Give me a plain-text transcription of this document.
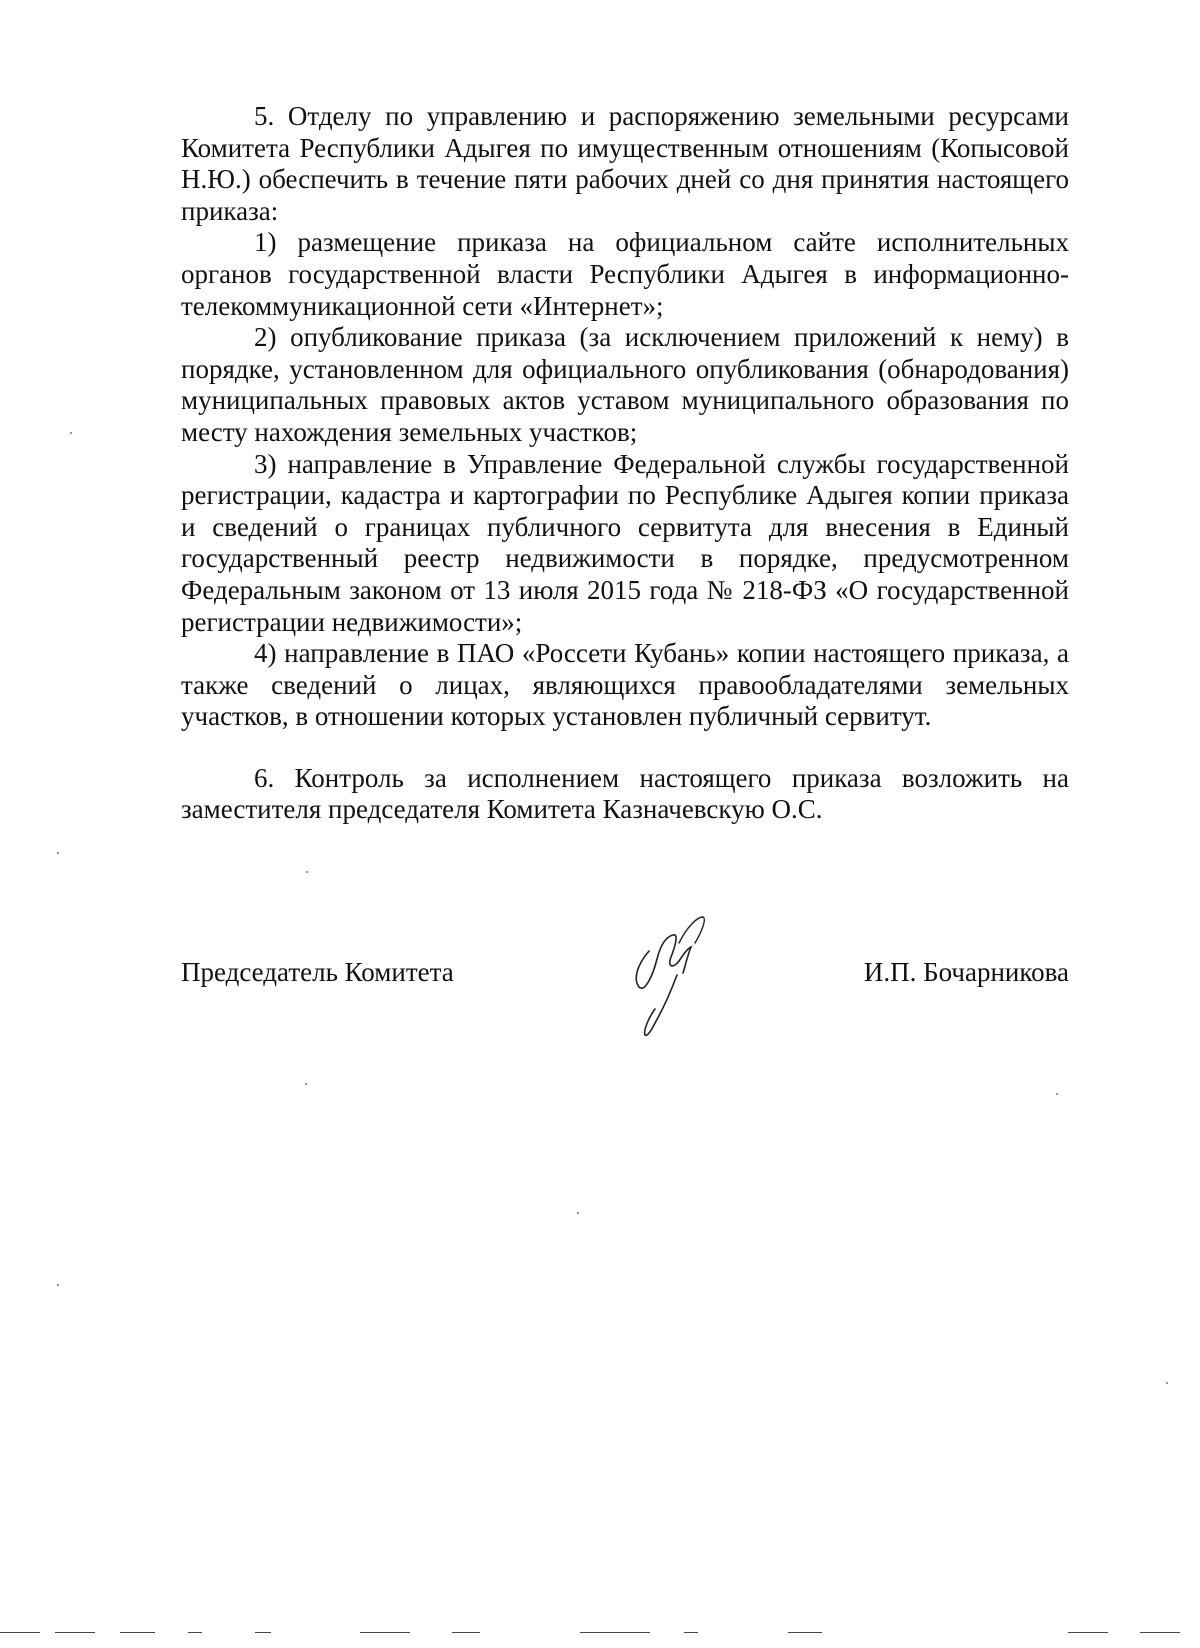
5. Отделу по управлению и распоряжению земельными ресурсами Комитета Республики Адыгея по имущественным отношениям (Копысовой Н.Ю.) обеспечить в течение пяти рабочих дней со дня принятия настоящего приказа:

1) размещение приказа на официальном сайте исполнительных органов государственной власти Республики Адыгея в информационно-телекоммуникационной сети «Интернет»;

2) опубликование приказа (за исключением приложений к нему) в порядке, установленном для официального опубликования (обнародования) муниципальных правовых актов уставом муниципального образования по месту нахождения земельных участков;

3) направление в Управление Федеральной службы государственной регистрации, кадастра и картографии по Республике Адыгея копии приказа и сведений о границах публичного сервитута для внесения в Единый государственный реестр недвижимости в порядке, предусмотренном Федеральным законом от 13 июля 2015 года № 218-ФЗ «О государственной регистрации недвижимости»;

4) направление в ПАО «Россети Кубань» копии настоящего приказа, а также сведений о лицах, являющихся правообладателями земельных участков, в отношении которых установлен публичный сервитут.

6. Контроль за исполнением настоящего приказа возложить на заместителя председателя Комитета Казначевскую О.С.

Председатель Комитета	И.П. Бочарникова
